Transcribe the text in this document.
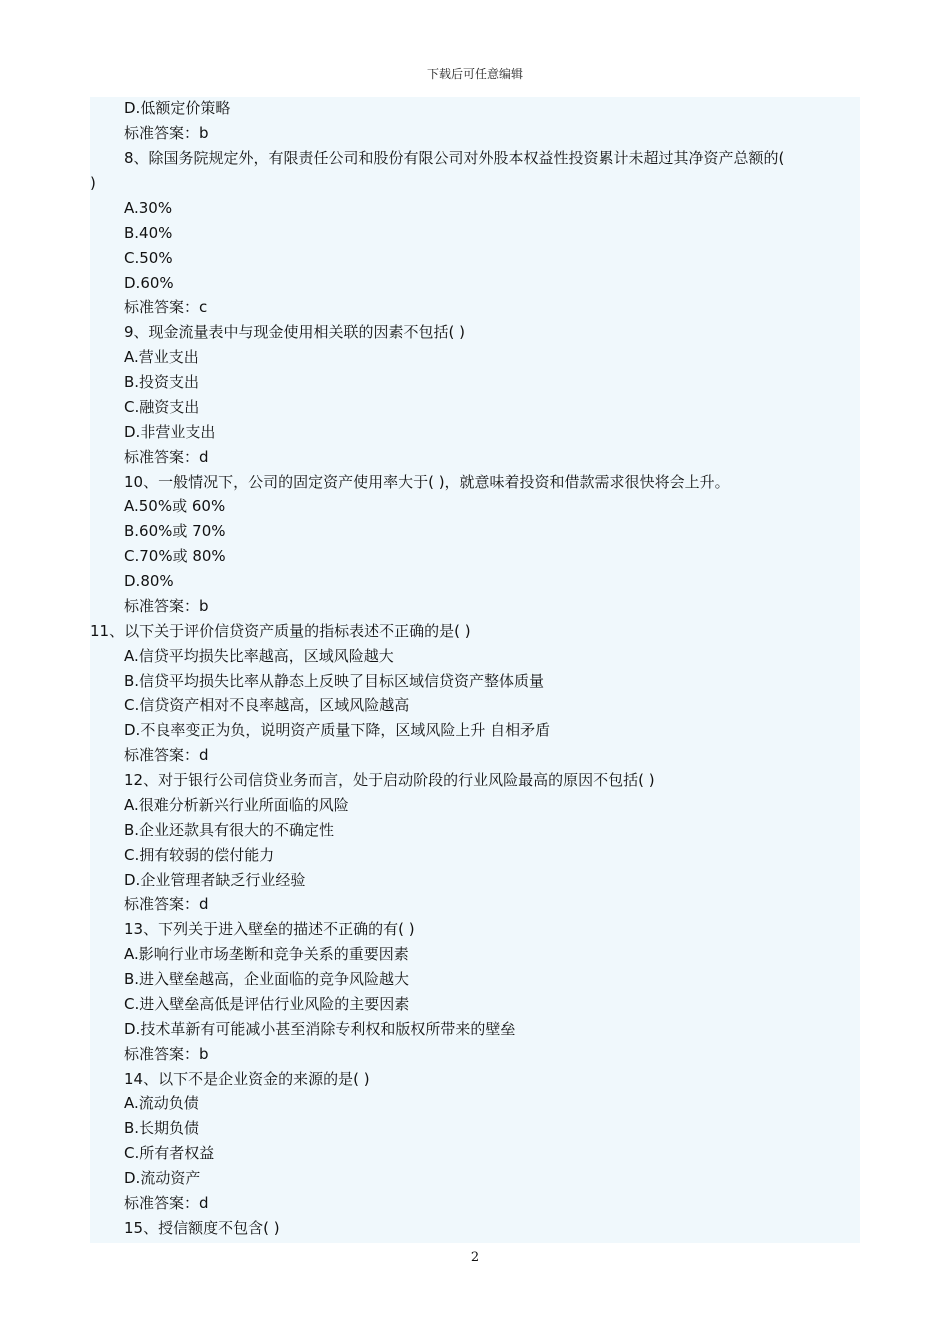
下载后可任意编辑
D.低额定价策略
标准答案：b
8、除国务院规定外，有限责任公司和股份有限公司对外股本权益性投资累计未超过其净资产总额的(
)
A.30%
B.40%
C.50%
D.60%
标准答案：c
9、现金流量表中与现金使用相关联的因素不包括( )
A.营业支出
B.投资支出
C.融资支出
D.非营业支出
标准答案：d
10、一般情况下，公司的固定资产使用率大于( )，就意味着投资和借款需求很快将会上升。
A.50%或 60%
B.60%或 70%
C.70%或 80%
D.80%
标准答案：b
11、以下关于评价信贷资产质量的指标表述不正确的是( )
A.信贷平均损失比率越高，区域风险越大
B.信贷平均损失比率从静态上反映了目标区域信贷资产整体质量
C.信贷资产相对不良率越高，区域风险越高
D.不良率变正为负，说明资产质量下降，区域风险上升 自相矛盾
标准答案：d
12、对于银行公司信贷业务而言，处于启动阶段的行业风险最高的原因不包括( )
A.很难分析新兴行业所面临的风险
B.企业还款具有很大的不确定性
C.拥有较弱的偿付能力
D.企业管理者缺乏行业经验
标准答案：d
13、下列关于进入壁垒的描述不正确的有( )
A.影响行业市场垄断和竞争关系的重要因素
B.进入壁垒越高，企业面临的竞争风险越大
C.进入壁垒高低是评估行业风险的主要因素
D.技术革新有可能减小甚至消除专利权和版权所带来的壁垒
标准答案：b
14、以下不是企业资金的来源的是( )
A.流动负债
B.长期负债
C.所有者权益
D.流动资产
标准答案：d
15、授信额度不包含( )
2
